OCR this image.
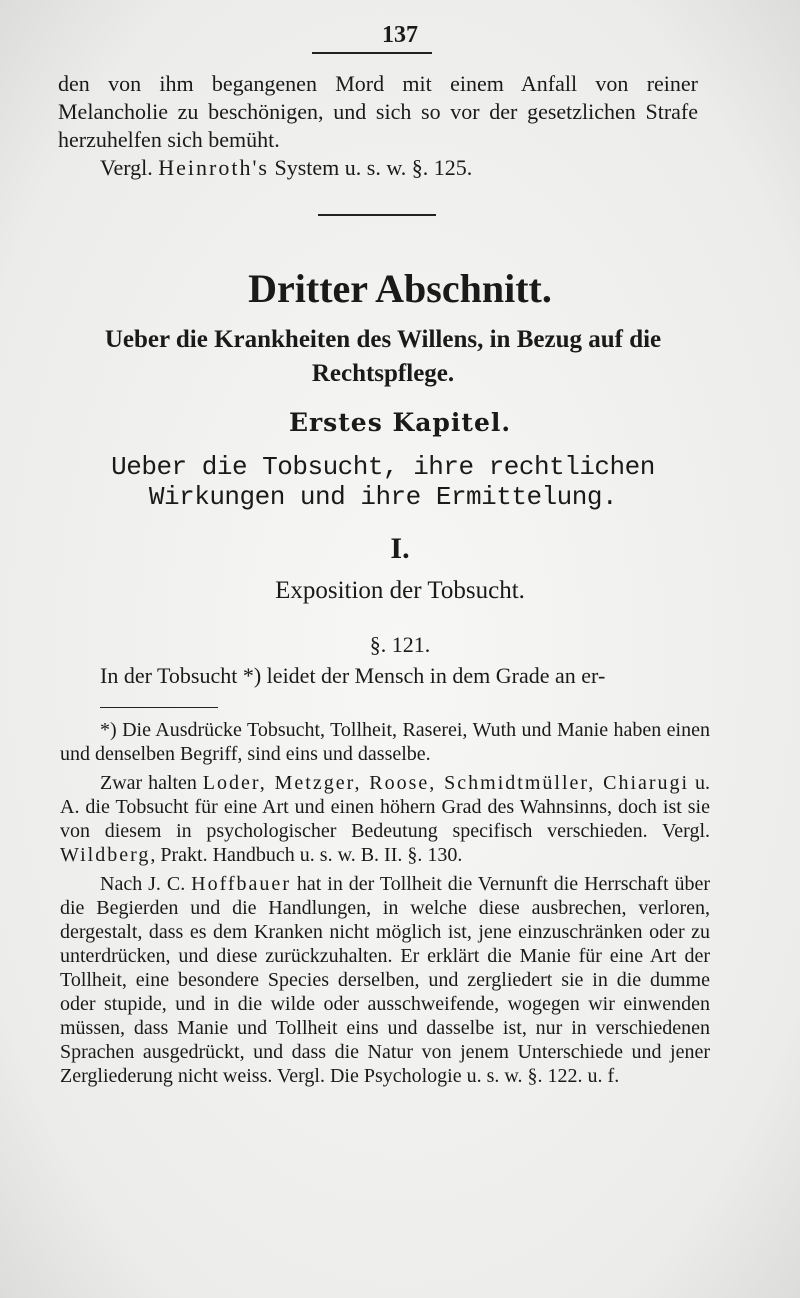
137

den von ihm begangenen Mord mit einem Anfall von reiner Melancholie zu beschönigen, und sich so vor der gesetzlichen Strafe herzuhelfen sich bemüht.

Vergl. Heinroth's System u. s. w. §. 125.

Dritter Abschnitt.
Ueber die Krankheiten des Willens, in Bezug auf die Rechtspflege.
Erstes Kapitel.
Ueber die Tobsucht, ihre rechtlichen Wirkungen und ihre Ermittelung.
I.
Exposition der Tobsucht.
§. 121.
In der Tobsucht *) leidet der Mensch in dem Grade an er-

*) Die Ausdrücke Tobsucht, Tollheit, Raserei, Wuth und Manie haben einen und denselben Begriff, sind eins und dasselbe.

Zwar halten Loder, Metzger, Roose, Schmidtmüller, Chiarugi u. A. die Tobsucht für eine Art und einen höhern Grad des Wahnsinns, doch ist sie von diesem in psychologischer Bedeutung specifisch verschieden. Vergl. Wildberg, Prakt. Handbuch u. s. w. B. II. §. 130.

Nach J. C. Hoffbauer hat in der Tollheit die Vernunft die Herrschaft über die Begierden und die Handlungen, in welche diese ausbrechen, verloren, dergestalt, dass es dem Kranken nicht möglich ist, jene einzuschränken oder zu unterdrücken, und diese zurückzuhalten. Er erklärt die Manie für eine Art der Tollheit, eine besondere Species derselben, und zergliedert sie in die dumme oder stupide, und in die wilde oder ausschweifende, wogegen wir einwenden müssen, dass Manie und Tollheit eins und dasselbe ist, nur in verschiedenen Sprachen ausgedrückt, und dass die Natur von jenem Unterschiede und jener Zergliederung nicht weiss. Vergl. Die Psychologie u. s. w. §. 122. u. f.
